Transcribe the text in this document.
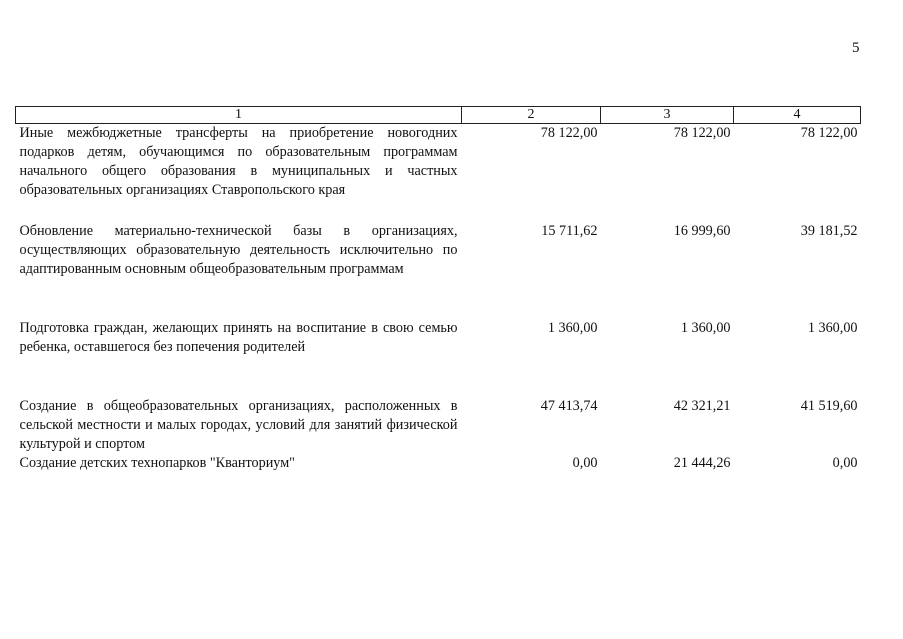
5
1	2	3	4
Иные межбюджетные трансферты на приобретение новогодних подарков детям, обучающимся по образовательным программам начального общего образования в муниципальных и частных образовательных организациях Ставропольского края	78 122,00	78 122,00	78 122,00
Обновление материально-технической базы в организациях, осуществляющих образовательную деятельность исключительно по адаптированным основным общеобразовательным программам	15 711,62	16 999,60	39 181,52
Подготовка граждан, желающих принять на воспитание в свою семью ребенка, оставшегося без попечения родителей	1 360,00	1 360,00	1 360,00
Создание в общеобразовательных организациях, расположенных в сельской местности и малых городах, условий для занятий физической культурой и спортом	47 413,74	42 321,21	41 519,60
Создание детских технопарков "Кванториум"	0,00	21 444,26	0,00
